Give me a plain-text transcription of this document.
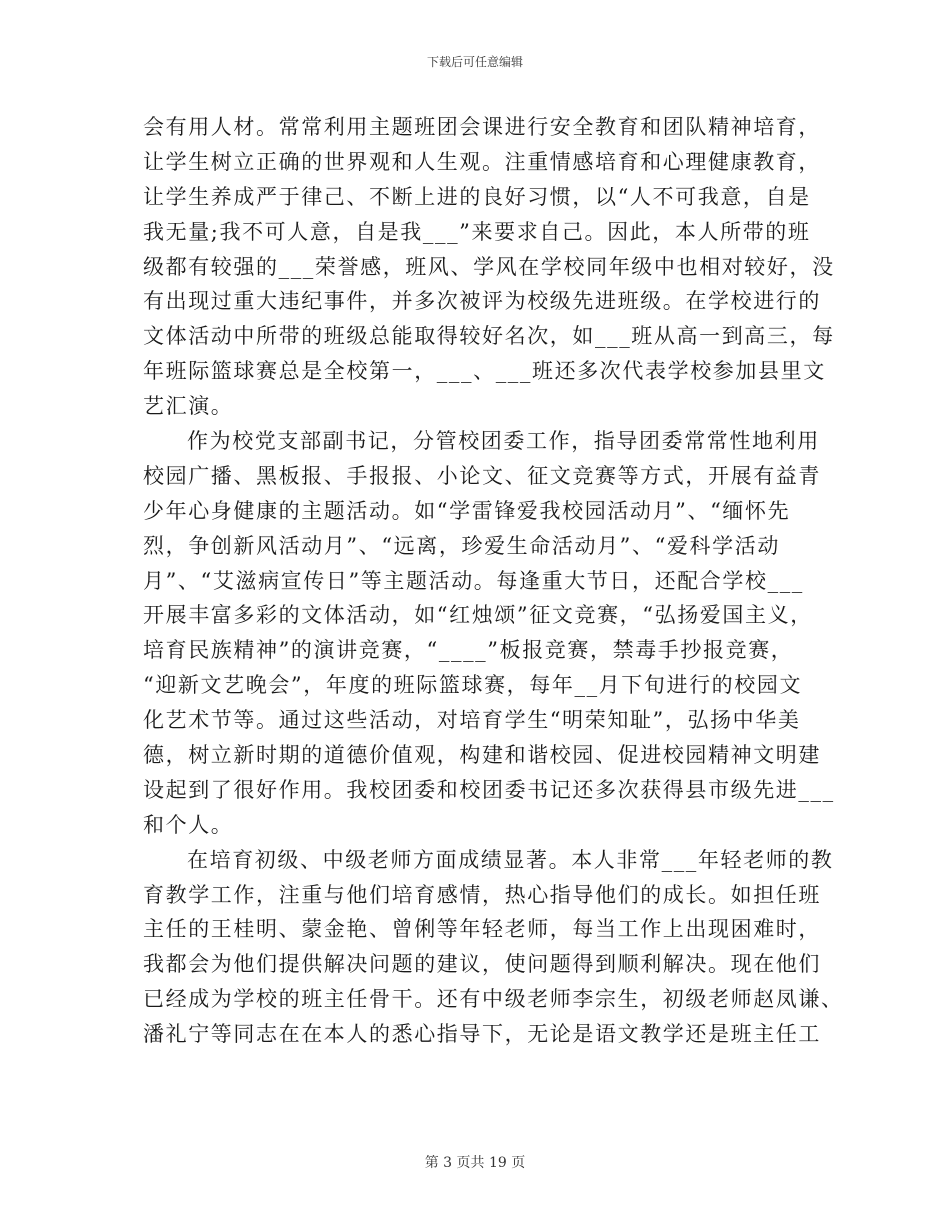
下载后可任意编辑
会有用人材。常常利用主题班团会课进行安全教育和团队精神培育，
让学生树立正确的世界观和人生观。注重情感培育和心理健康教育，
让学生养成严于律己、不断上进的良好习惯，以“人不可我意，自是
我无量;我不可人意，自是我___”来要求自己。因此，本人所带的班
级都有较强的___荣誉感，班风、学风在学校同年级中也相对较好，没
有出现过重大违纪事件，并多次被评为校级先进班级。在学校进行的
文体活动中所带的班级总能取得较好名次，如___班从高一到高三，每
年班际篮球赛总是全校第一，___、___班还多次代表学校参加县里文
艺汇演。
作为校党支部副书记，分管校团委工作，指导团委常常性地利用
校园广播、黑板报、手报报、小论文、征文竞赛等方式，开展有益青
少年心身健康的主题活动。如“学雷锋爱我校园活动月”、“缅怀先
烈，争创新风活动月”、“远离，珍爱生命活动月”、“爱科学活动
月”、“艾滋病宣传日”等主题活动。每逢重大节日，还配合学校___
开展丰富多彩的文体活动，如“红烛颂”征文竞赛，“弘扬爱国主义，
培育民族精神”的演讲竞赛，“____”板报竞赛，禁毒手抄报竞赛，
“迎新文艺晚会”，年度的班际篮球赛，每年__月下旬进行的校园文
化艺术节等。通过这些活动，对培育学生“明荣知耻”，弘扬中华美
德，树立新时期的道德价值观，构建和谐校园、促进校园精神文明建
设起到了很好作用。我校团委和校团委书记还多次获得县市级先进___
和个人。
在培育初级、中级老师方面成绩显著。本人非常___年轻老师的教
育教学工作，注重与他们培育感情，热心指导他们的成长。如担任班
主任的王桂明、蒙金艳、曾俐等年轻老师，每当工作上出现困难时，
我都会为他们提供解决问题的建议，使问题得到顺利解决。现在他们
已经成为学校的班主任骨干。还有中级老师李宗生，初级老师赵凤谦、
潘礼宁等同志在在本人的悉心指导下，无论是语文教学还是班主任工
第 3 页共 19 页
